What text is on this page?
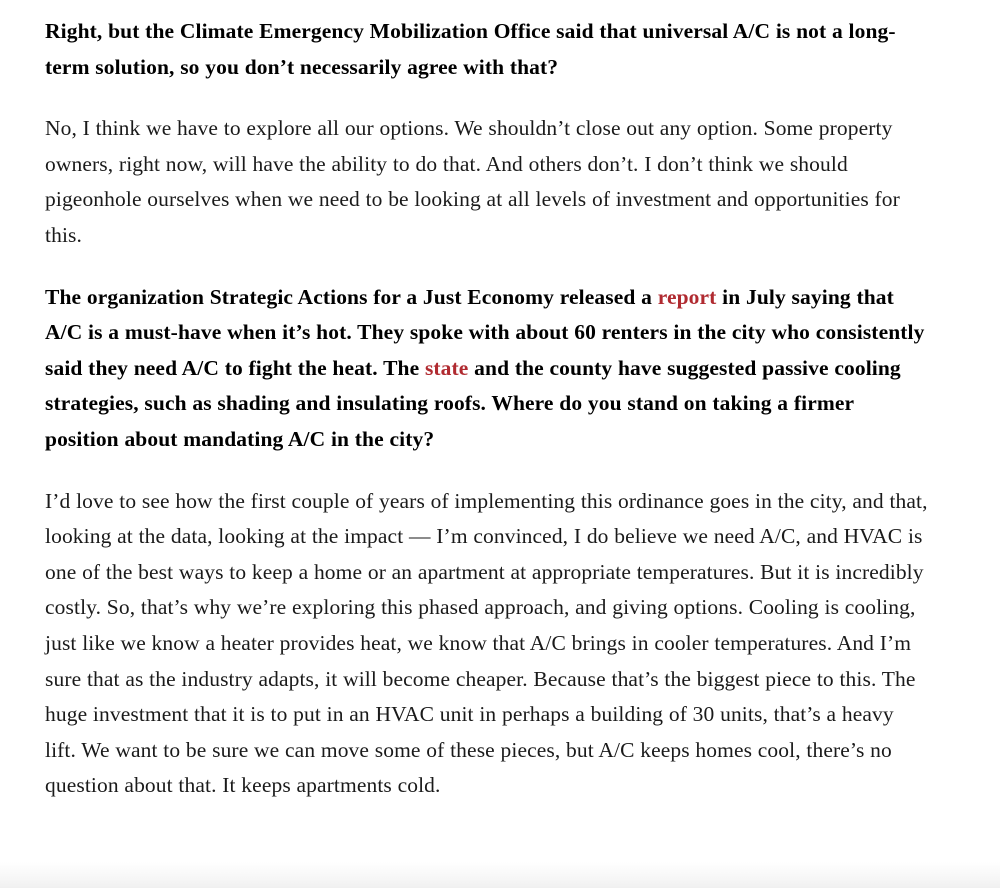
Right, but the Climate Emergency Mobilization Office said that universal A/C is not a long-term solution, so you don’t necessarily agree with that?

No, I think we have to explore all our options. We shouldn’t close out any option. Some property owners, right now, will have the ability to do that. And others don’t. I don’t think we should pigeonhole ourselves when we need to be looking at all levels of investment and opportunities for this.

The organization Strategic Actions for a Just Economy released a report in July saying that A/C is a must-have when it’s hot. They spoke with about 60 renters in the city who consistently said they need A/C to fight the heat. The state and the county have suggested passive cooling strategies, such as shading and insulating roofs. Where do you stand on taking a firmer position about mandating A/C in the city?

I’d love to see how the first couple of years of implementing this ordinance goes in the city, and that, looking at the data, looking at the impact — I’m convinced, I do believe we need A/C, and HVAC is one of the best ways to keep a home or an apartment at appropriate temperatures. But it is incredibly costly. So, that’s why we’re exploring this phased approach, and giving options. Cooling is cooling, just like we know a heater provides heat, we know that A/C brings in cooler temperatures. And I’m sure that as the industry adapts, it will become cheaper. Because that’s the biggest piece to this. The huge investment that it is to put in an HVAC unit in perhaps a building of 30 units, that’s a heavy lift. We want to be sure we can move some of these pieces, but A/C keeps homes cool, there’s no question about that. It keeps apartments cold.
